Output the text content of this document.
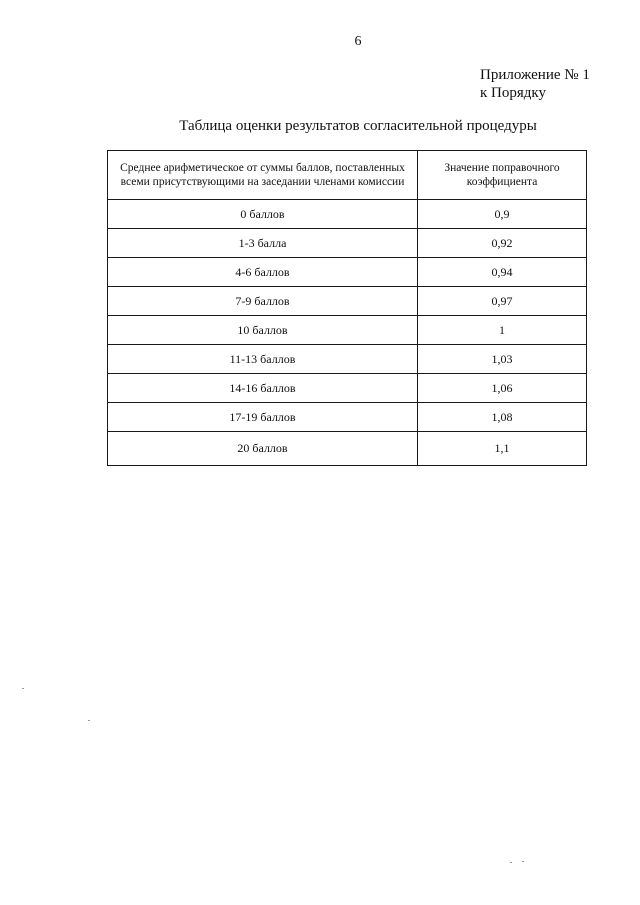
6
Приложение № 1
к Порядку
Таблица оценки результатов согласительной процедуры
Среднее арифметическое от суммы баллов, поставленных всеми присутствующими на заседании членами комиссии	Значение поправочного коэффициента
0 баллов	0,9
1-3 балла	0,92
4-6 баллов	0,94
7-9 баллов	0,97
10 баллов	1
11-13 баллов	1,03
14-16 баллов	1,06
17-19 баллов	1,08
20 баллов	1,1
